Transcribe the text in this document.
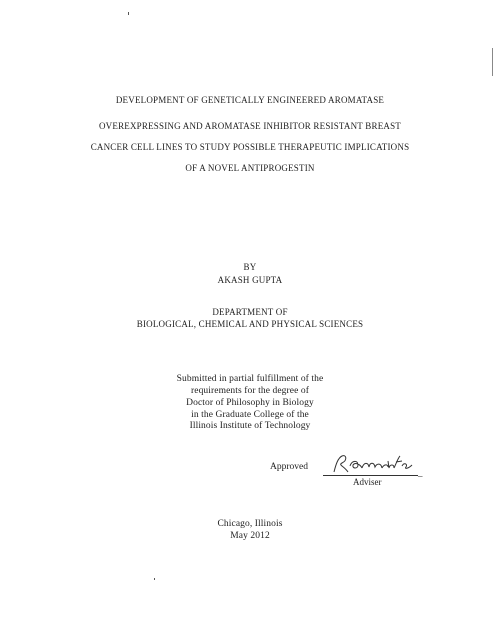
DEVELOPMENT OF GENETICALLY ENGINEERED AROMATASE
OVEREXPRESSING AND AROMATASE INHIBITOR RESISTANT BREAST
CANCER CELL LINES TO STUDY POSSIBLE THERAPEUTIC IMPLICATIONS
OF A NOVEL ANTIPROGESTIN
BY
AKASH GUPTA
DEPARTMENT OF
BIOLOGICAL, CHEMICAL AND PHYSICAL SCIENCES
Submitted in partial fulfillment of the
requirements for the degree of
Doctor of Philosophy in Biology
in the Graduate College of the
Illinois Institute of Technology
Approved
–
Adviser
Chicago, Illinois
May 2012
